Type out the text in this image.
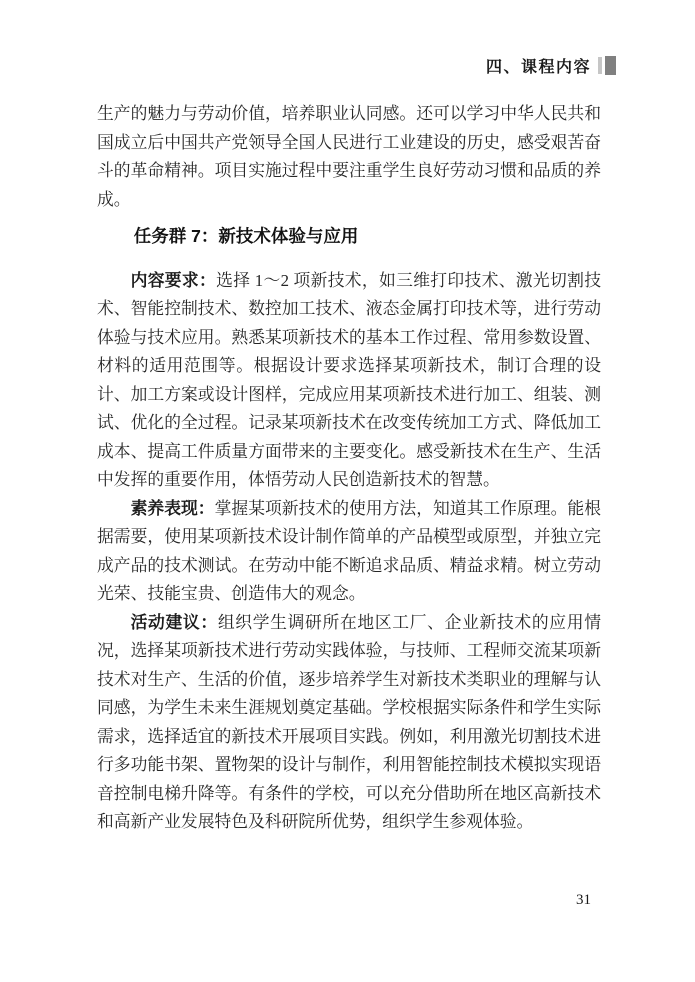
四、课程内容

生产的魅力与劳动价值，培养职业认同感。还可以学习中华人民共和国成立后中国共产党领导全国人民进行工业建设的历史，感受艰苦奋斗的革命精神。项目实施过程中要注重学生良好劳动习惯和品质的养成。

任务群 7：新技术体验与应用

内容要求：选择 1～2 项新技术，如三维打印技术、激光切割技术、智能控制技术、数控加工技术、液态金属打印技术等，进行劳动体验与技术应用。熟悉某项新技术的基本工作过程、常用参数设置、材料的适用范围等。根据设计要求选择某项新技术，制订合理的设计、加工方案或设计图样，完成应用某项新技术进行加工、组装、测试、优化的全过程。记录某项新技术在改变传统加工方式、降低加工成本、提高工件质量方面带来的主要变化。感受新技术在生产、生活中发挥的重要作用，体悟劳动人民创造新技术的智慧。

素养表现：掌握某项新技术的使用方法，知道其工作原理。能根据需要，使用某项新技术设计制作简单的产品模型或原型，并独立完成产品的技术测试。在劳动中能不断追求品质、精益求精。树立劳动光荣、技能宝贵、创造伟大的观念。

活动建议：组织学生调研所在地区工厂、企业新技术的应用情况，选择某项新技术进行劳动实践体验，与技师、工程师交流某项新技术对生产、生活的价值，逐步培养学生对新技术类职业的理解与认同感，为学生未来生涯规划奠定基础。学校根据实际条件和学生实际需求，选择适宜的新技术开展项目实践。例如，利用激光切割技术进行多功能书架、置物架的设计与制作，利用智能控制技术模拟实现语音控制电梯升降等。有条件的学校，可以充分借助所在地区高新技术和高新产业发展特色及科研院所优势，组织学生参观体验。

31
